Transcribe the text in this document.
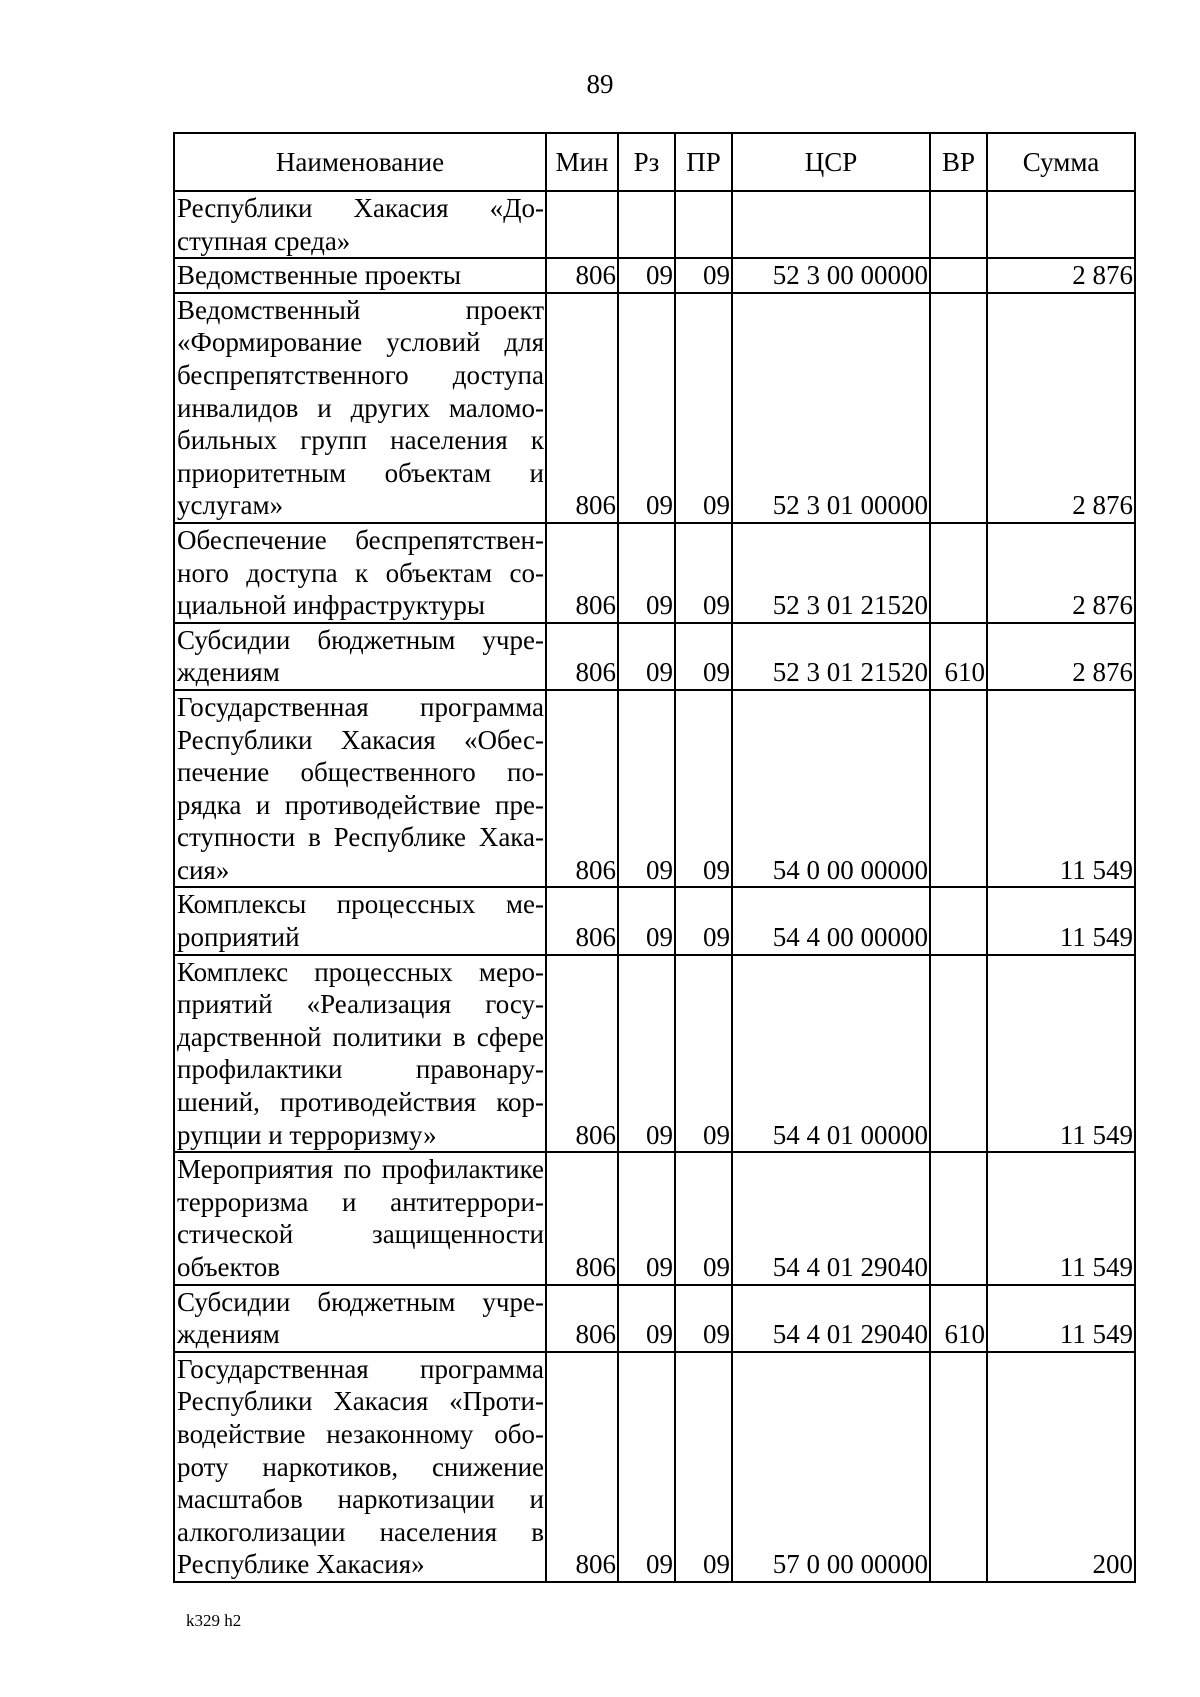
89
Наименование	Мин	Рз	ПР	ЦСР	ВР	Сумма
Республики Хакасия «Доступная среда»						
Ведомственные проекты	806	09	09	52 3 00 00000		2 876
Ведомственный проект «Формирование условий для беспрепятственного доступа инвалидов и других маломобильных групп населения к приоритетным объектам и услугам»	806	09	09	52 3 01 00000		2 876
Обеспечение беспрепятственного доступа к объектам социальной инфраструктуры	806	09	09	52 3 01 21520		2 876
Субсидии бюджетным учреждениям	806	09	09	52 3 01 21520	610	2 876
Государственная программа Республики Хакасия «Обеспечение общественного порядка и противодействие преступности в Республике Хакасия»	806	09	09	54 0 00 00000		11 549
Комплексы процессных мероприятий	806	09	09	54 4 00 00000		11 549
Комплекс процессных мероприятий «Реализация государственной политики в сфере профилактики правонарушений, противодействия коррупции и терроризму»	806	09	09	54 4 01 00000		11 549
Мероприятия по профилактике терроризма и антитеррористической защищенности объектов	806	09	09	54 4 01 29040		11 549
Субсидии бюджетным учреждениям	806	09	09	54 4 01 29040	610	11 549
Государственная программа Республики Хакасия «Противодействие незаконному обороту наркотиков, снижение масштабов наркотизации и алкоголизации населения в Республике Хакасия»	806	09	09	57 0 00 00000		200
k329 h2
